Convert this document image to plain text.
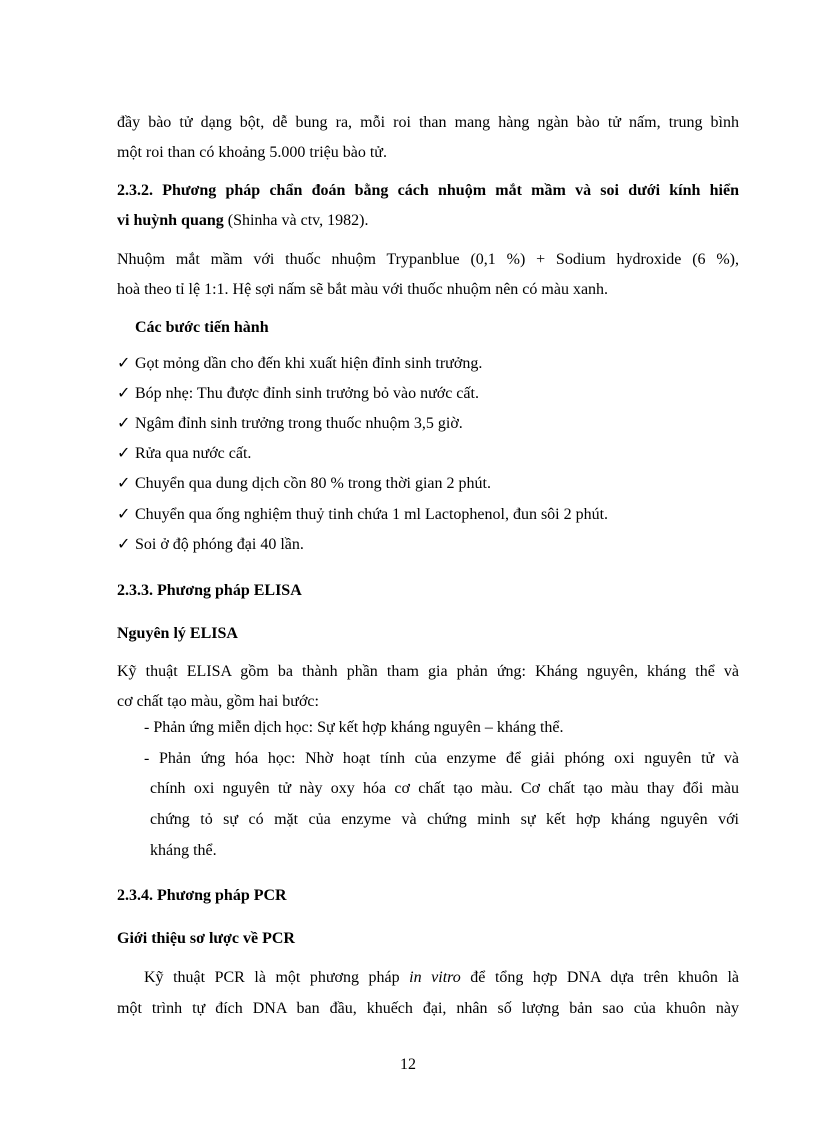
đầy bào tử dạng bột, dễ bung ra, mỗi roi than mang hàng ngàn bào tử nấm, trung bình
một roi than có khoảng 5.000 triệu bào tử.
2.3.2. Phương pháp chẩn đoán bằng cách nhuộm mắt mầm và soi dưới kính hiển
vi huỳnh quang (Shinha và ctv, 1982).
Nhuộm mắt mầm với thuốc nhuộm Trypanblue (0,1 %) + Sodium hydroxide (6 %),
hoà theo tỉ lệ 1:1. Hệ sợi nấm sẽ bắt màu với thuốc nhuộm nên có màu xanh.
Các bước tiến hành
✓ Gọt mỏng dần cho đến khi xuất hiện đỉnh sinh trưởng.
✓ Bóp nhẹ: Thu được đỉnh sinh trưởng bỏ vào nước cất.
✓ Ngâm đỉnh sinh trưởng trong thuốc nhuộm 3,5 giờ.
✓ Rửa qua nước cất.
✓ Chuyển qua dung dịch cồn 80 % trong thời gian 2 phút.
✓ Chuyển qua ống nghiệm thuỷ tinh chứa 1 ml Lactophenol, đun sôi 2 phút.
✓ Soi ở độ phóng đại 40 lần.
2.3.3. Phương pháp ELISA
Nguyên lý ELISA
Kỹ thuật ELISA gồm ba thành phần tham gia phản ứng: Kháng nguyên, kháng thể và
cơ chất tạo màu, gồm hai bước:
- Phản ứng miễn dịch học: Sự kết hợp kháng nguyên – kháng thể.
- Phản ứng hóa học: Nhờ hoạt tính của enzyme để giải phóng oxi nguyên tử và
chính oxi nguyên tử này oxy hóa cơ chất tạo màu. Cơ chất tạo màu thay đổi màu
chứng tỏ sự có mặt của enzyme và chứng minh sự kết hợp kháng nguyên với
kháng thể.
2.3.4. Phương pháp PCR
Giới thiệu sơ lược về PCR
Kỹ thuật PCR là một phương pháp in vitro để tổng hợp DNA dựa trên khuôn là
một trình tự đích DNA ban đầu, khuếch đại, nhân số lượng bản sao của khuôn này
12
